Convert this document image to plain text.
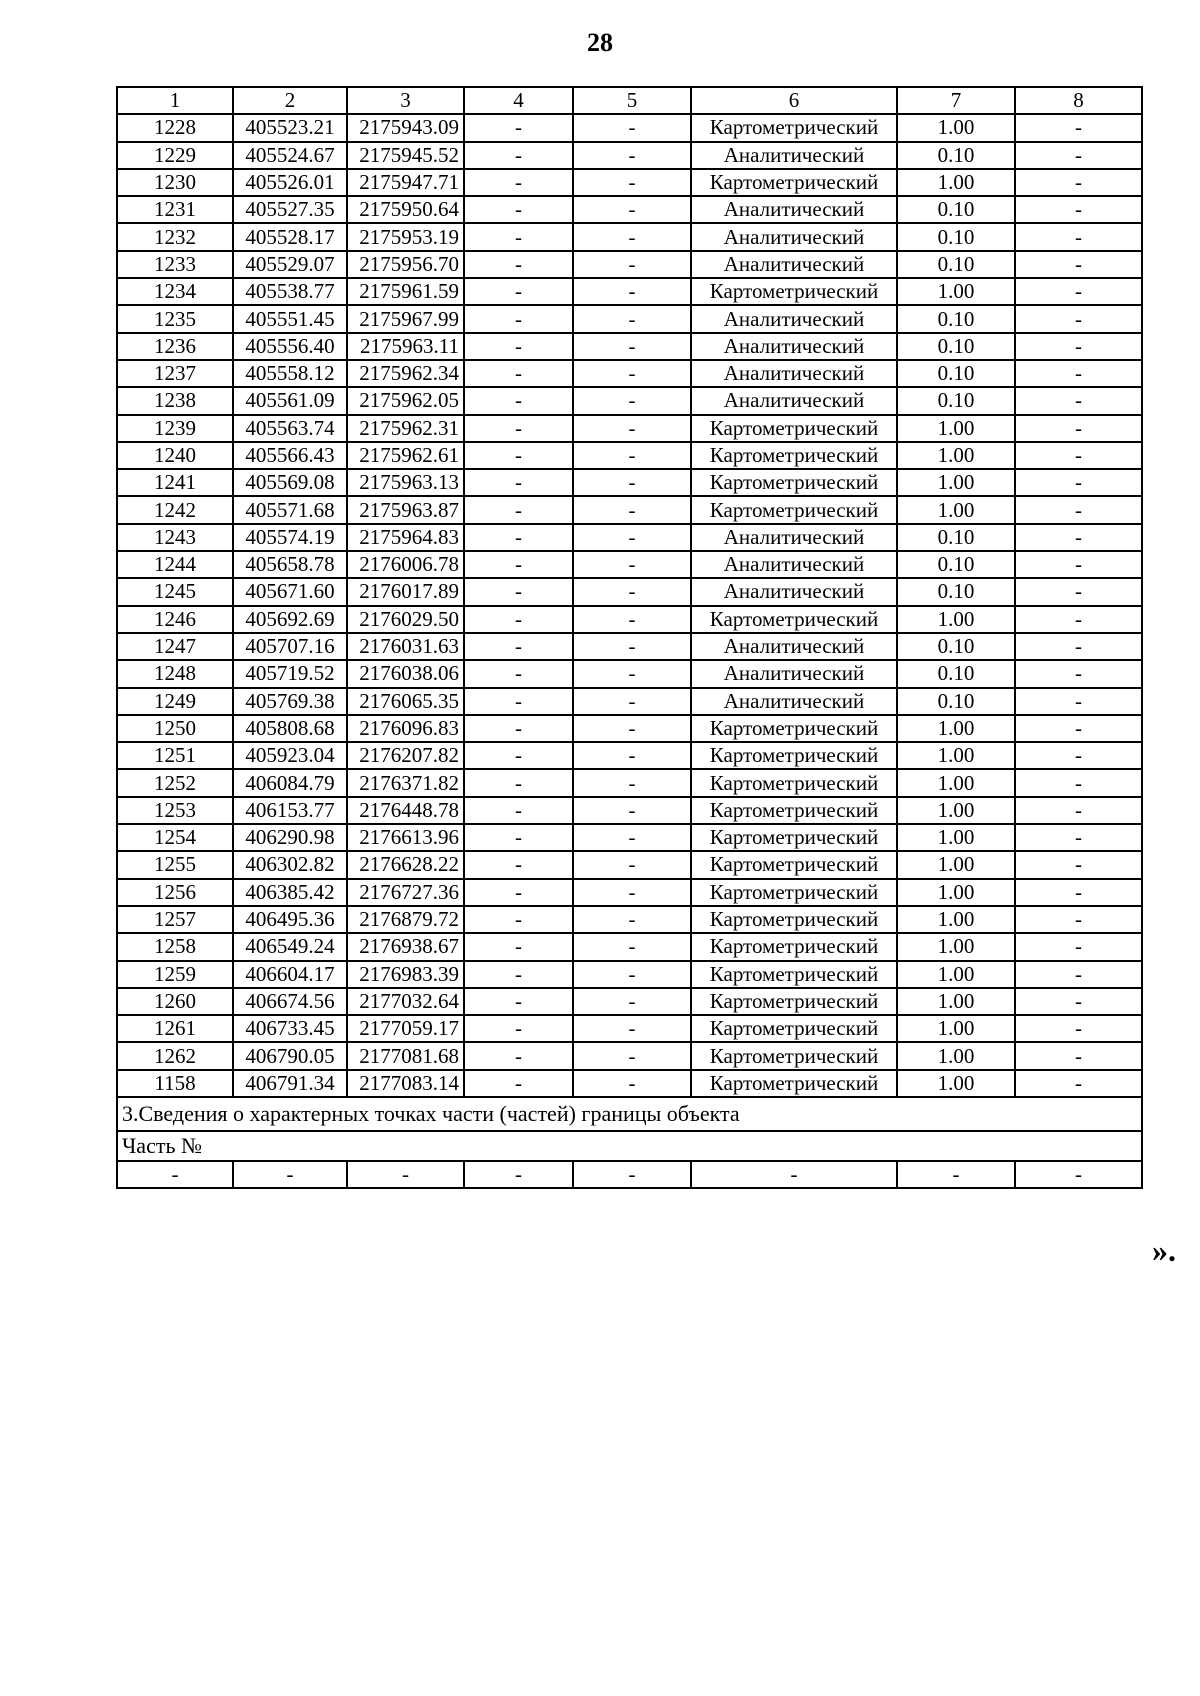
28
1	2	3	4	5	6	7	8
1228	405523.21	2175943.09	-	-	Картометрический	1.00	-
1229	405524.67	2175945.52	-	-	Аналитический	0.10	-
1230	405526.01	2175947.71	-	-	Картометрический	1.00	-
1231	405527.35	2175950.64	-	-	Аналитический	0.10	-
1232	405528.17	2175953.19	-	-	Аналитический	0.10	-
1233	405529.07	2175956.70	-	-	Аналитический	0.10	-
1234	405538.77	2175961.59	-	-	Картометрический	1.00	-
1235	405551.45	2175967.99	-	-	Аналитический	0.10	-
1236	405556.40	2175963.11	-	-	Аналитический	0.10	-
1237	405558.12	2175962.34	-	-	Аналитический	0.10	-
1238	405561.09	2175962.05	-	-	Аналитический	0.10	-
1239	405563.74	2175962.31	-	-	Картометрический	1.00	-
1240	405566.43	2175962.61	-	-	Картометрический	1.00	-
1241	405569.08	2175963.13	-	-	Картометрический	1.00	-
1242	405571.68	2175963.87	-	-	Картометрический	1.00	-
1243	405574.19	2175964.83	-	-	Аналитический	0.10	-
1244	405658.78	2176006.78	-	-	Аналитический	0.10	-
1245	405671.60	2176017.89	-	-	Аналитический	0.10	-
1246	405692.69	2176029.50	-	-	Картометрический	1.00	-
1247	405707.16	2176031.63	-	-	Аналитический	0.10	-
1248	405719.52	2176038.06	-	-	Аналитический	0.10	-
1249	405769.38	2176065.35	-	-	Аналитический	0.10	-
1250	405808.68	2176096.83	-	-	Картометрический	1.00	-
1251	405923.04	2176207.82	-	-	Картометрический	1.00	-
1252	406084.79	2176371.82	-	-	Картометрический	1.00	-
1253	406153.77	2176448.78	-	-	Картометрический	1.00	-
1254	406290.98	2176613.96	-	-	Картометрический	1.00	-
1255	406302.82	2176628.22	-	-	Картометрический	1.00	-
1256	406385.42	2176727.36	-	-	Картометрический	1.00	-
1257	406495.36	2176879.72	-	-	Картометрический	1.00	-
1258	406549.24	2176938.67	-	-	Картометрический	1.00	-
1259	406604.17	2176983.39	-	-	Картометрический	1.00	-
1260	406674.56	2177032.64	-	-	Картометрический	1.00	-
1261	406733.45	2177059.17	-	-	Картометрический	1.00	-
1262	406790.05	2177081.68	-	-	Картометрический	1.00	-
1158	406791.34	2177083.14	-	-	Картометрический	1.00	-
3.Сведения о характерных точках части (частей) границы объекта							
Часть №							
-	-	-	-	-	-	-	-
».
